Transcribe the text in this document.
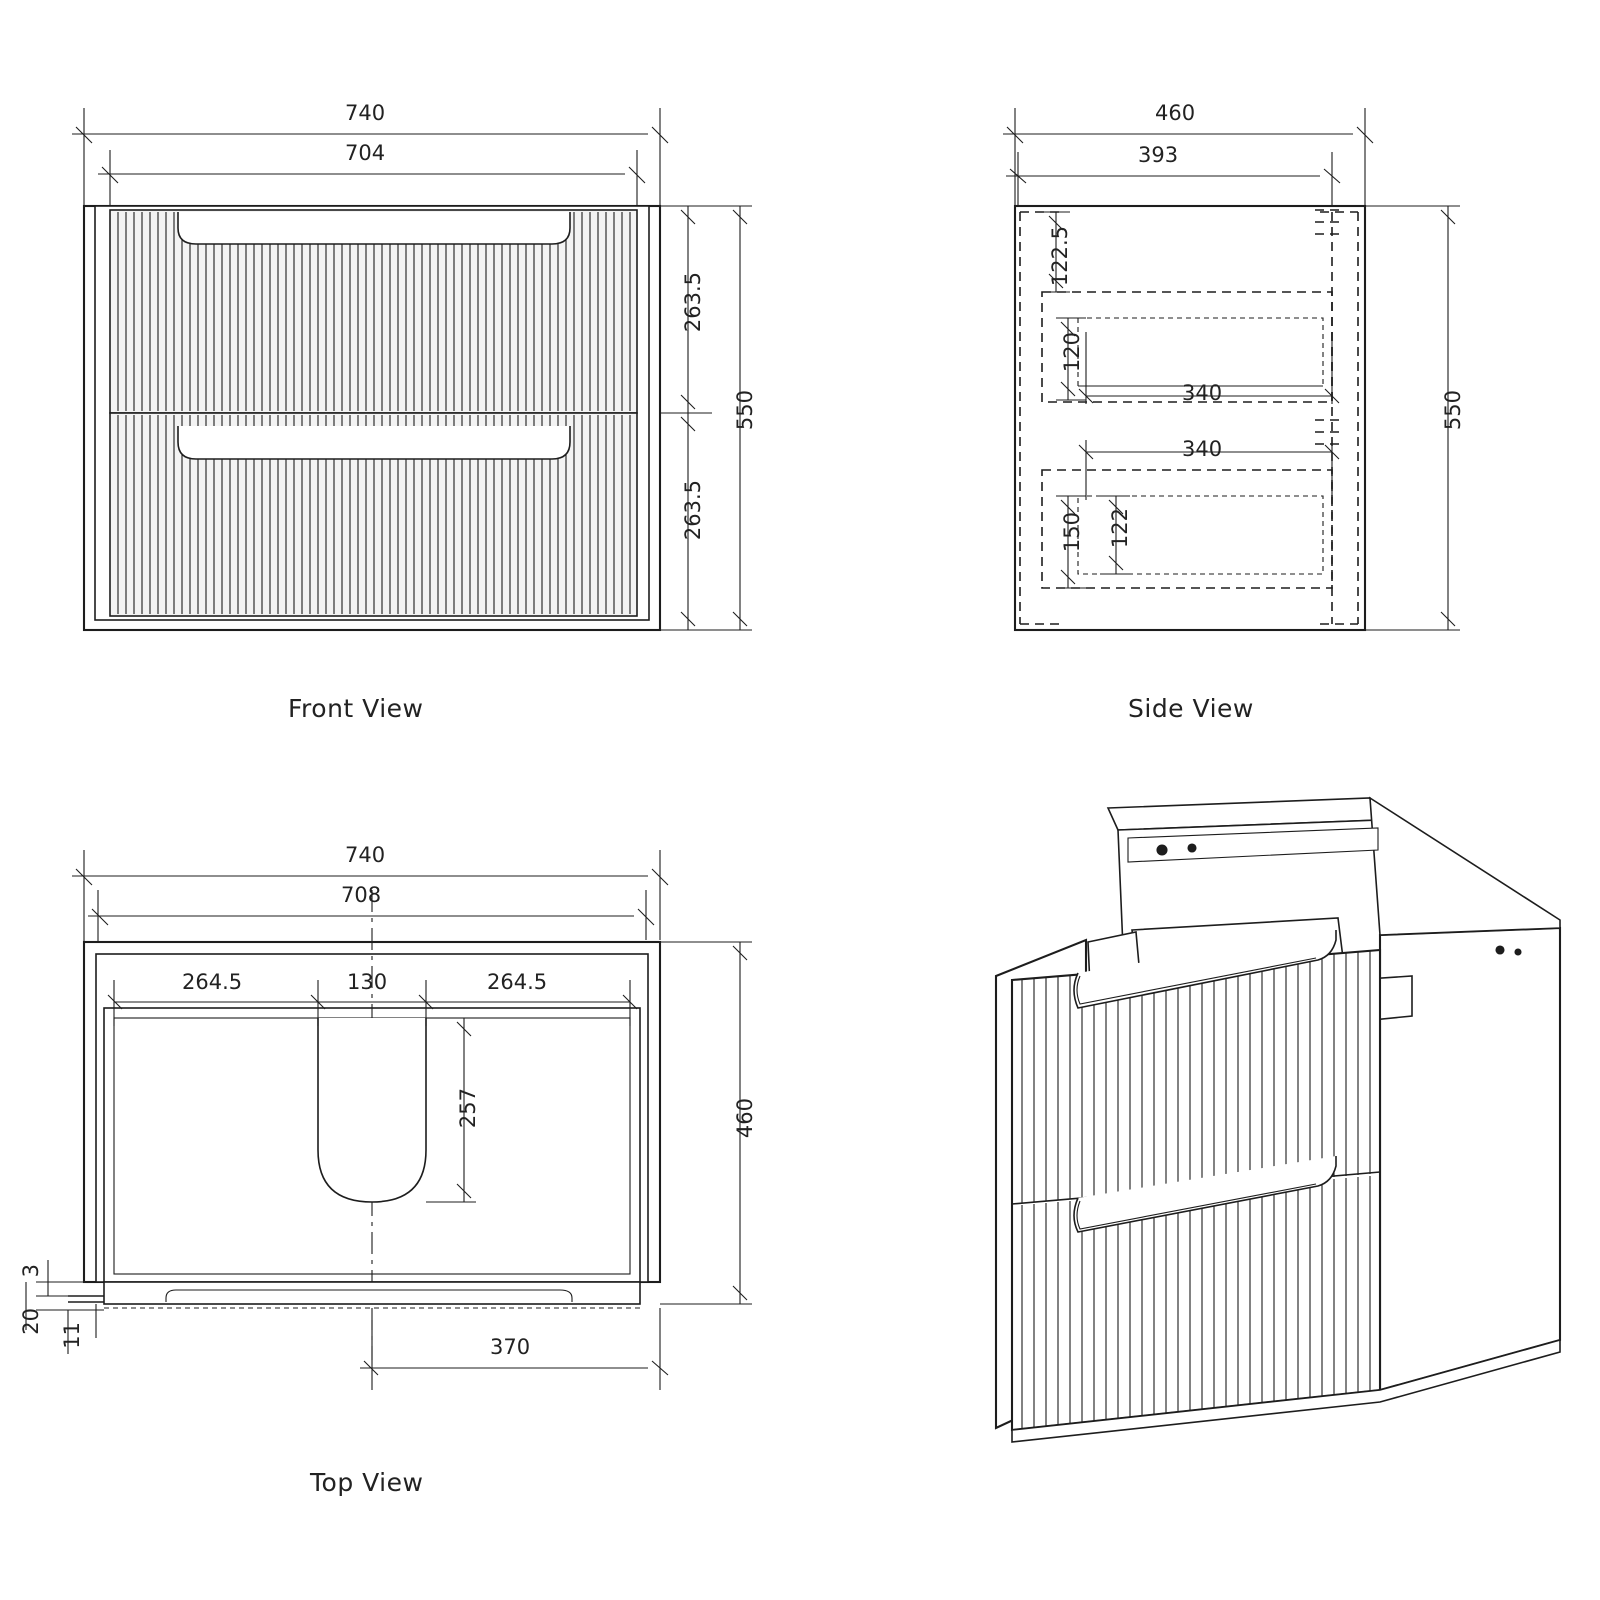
740
704
263.5
263.5
550
Front View
460
393
122.5
120
340
340
150 122
550
Side View
740
708
264.5	130	264.5
257	460
370
3
20
11
Top View
